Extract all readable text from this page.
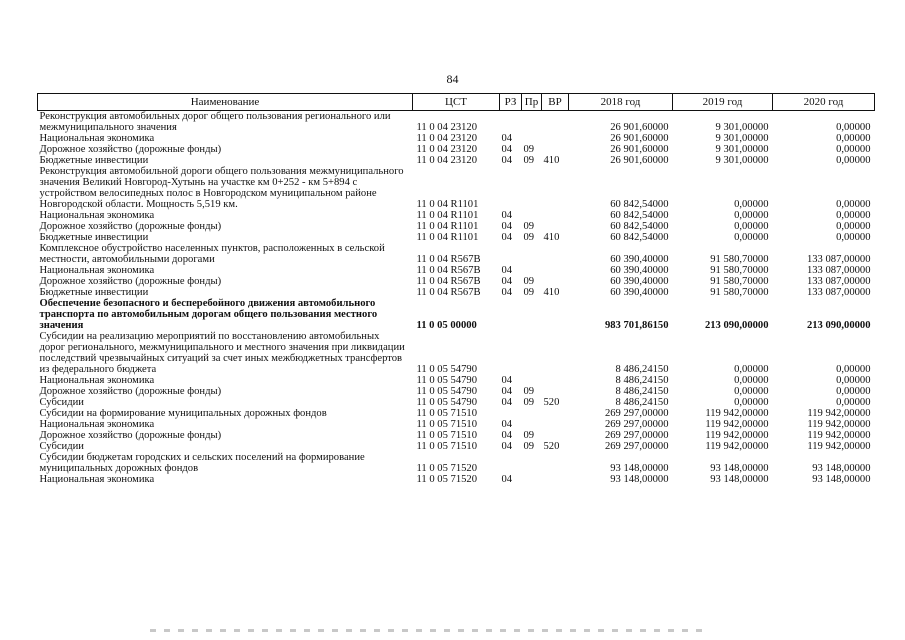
84
Наименование	ЦСТ	РЗ	Пр	ВР	2018 год	2019 год	2020 год
Реконструкция автомобильных дорог общего пользования регионального или межмуниципального значения	11 0 04 23120				26 901,60000	9 301,00000	0,00000
Национальная экономика	11 0 04 23120	04			26 901,60000	9 301,00000	0,00000
Дорожное хозяйство (дорожные фонды)	11 0 04 23120	04	09		26 901,60000	9 301,00000	0,00000
Бюджетные инвестиции	11 0 04 23120	04	09	410	26 901,60000	9 301,00000	0,00000
Реконструкция автомобильной дороги общего пользования межмуниципального значения Великий Новгород-Хутынь на участке км 0+252 - км 5+894 с устройством велосипедных полос в Новгородском муниципальном районе Новгородской области. Мощность 5,519 км.	11 0 04 R1101				60 842,54000	0,00000	0,00000
Национальная экономика	11 0 04 R1101	04			60 842,54000	0,00000	0,00000
Дорожное хозяйство (дорожные фонды)	11 0 04 R1101	04	09		60 842,54000	0,00000	0,00000
Бюджетные инвестиции	11 0 04 R1101	04	09	410	60 842,54000	0,00000	0,00000
Комплексное обустройство населенных пунктов, расположенных в сельской местности, автомобильными дорогами	11 0 04 R567B				60 390,40000	91 580,70000	133 087,00000
Национальная экономика	11 0 04 R567B	04			60 390,40000	91 580,70000	133 087,00000
Дорожное хозяйство (дорожные фонды)	11 0 04 R567B	04	09		60 390,40000	91 580,70000	133 087,00000
Бюджетные инвестиции	11 0 04 R567B	04	09	410	60 390,40000	91 580,70000	133 087,00000
Обеспечение безопасного и бесперебойного движения автомобильного транспорта по автомобильным дорогам общего пользования местного значения	11 0 05 00000				983 701,86150	213 090,00000	213 090,00000
Субсидии на реализацию мероприятий по восстановлению автомобильных дорог регионального, межмуниципального и местного значения при ликвидации последствий чрезвычайных ситуаций за счет иных межбюджетных трансфертов из федерального бюджета	11 0 05 54790				8 486,24150	0,00000	0,00000
Национальная экономика	11 0 05 54790	04			8 486,24150	0,00000	0,00000
Дорожное хозяйство (дорожные фонды)	11 0 05 54790	04	09		8 486,24150	0,00000	0,00000
Субсидии	11 0 05 54790	04	09	520	8 486,24150	0,00000	0,00000
Субсидии на формирование муниципальных дорожных фондов	11 0 05 71510				269 297,00000	119 942,00000	119 942,00000
Национальная экономика	11 0 05 71510	04			269 297,00000	119 942,00000	119 942,00000
Дорожное хозяйство (дорожные фонды)	11 0 05 71510	04	09		269 297,00000	119 942,00000	119 942,00000
Субсидии	11 0 05 71510	04	09	520	269 297,00000	119 942,00000	119 942,00000
Субсидии бюджетам городских и сельских поселений на формирование муниципальных дорожных фондов	11 0 05 71520				93 148,00000	93 148,00000	93 148,00000
Национальная экономика	11 0 05 71520	04			93 148,00000	93 148,00000	93 148,00000
